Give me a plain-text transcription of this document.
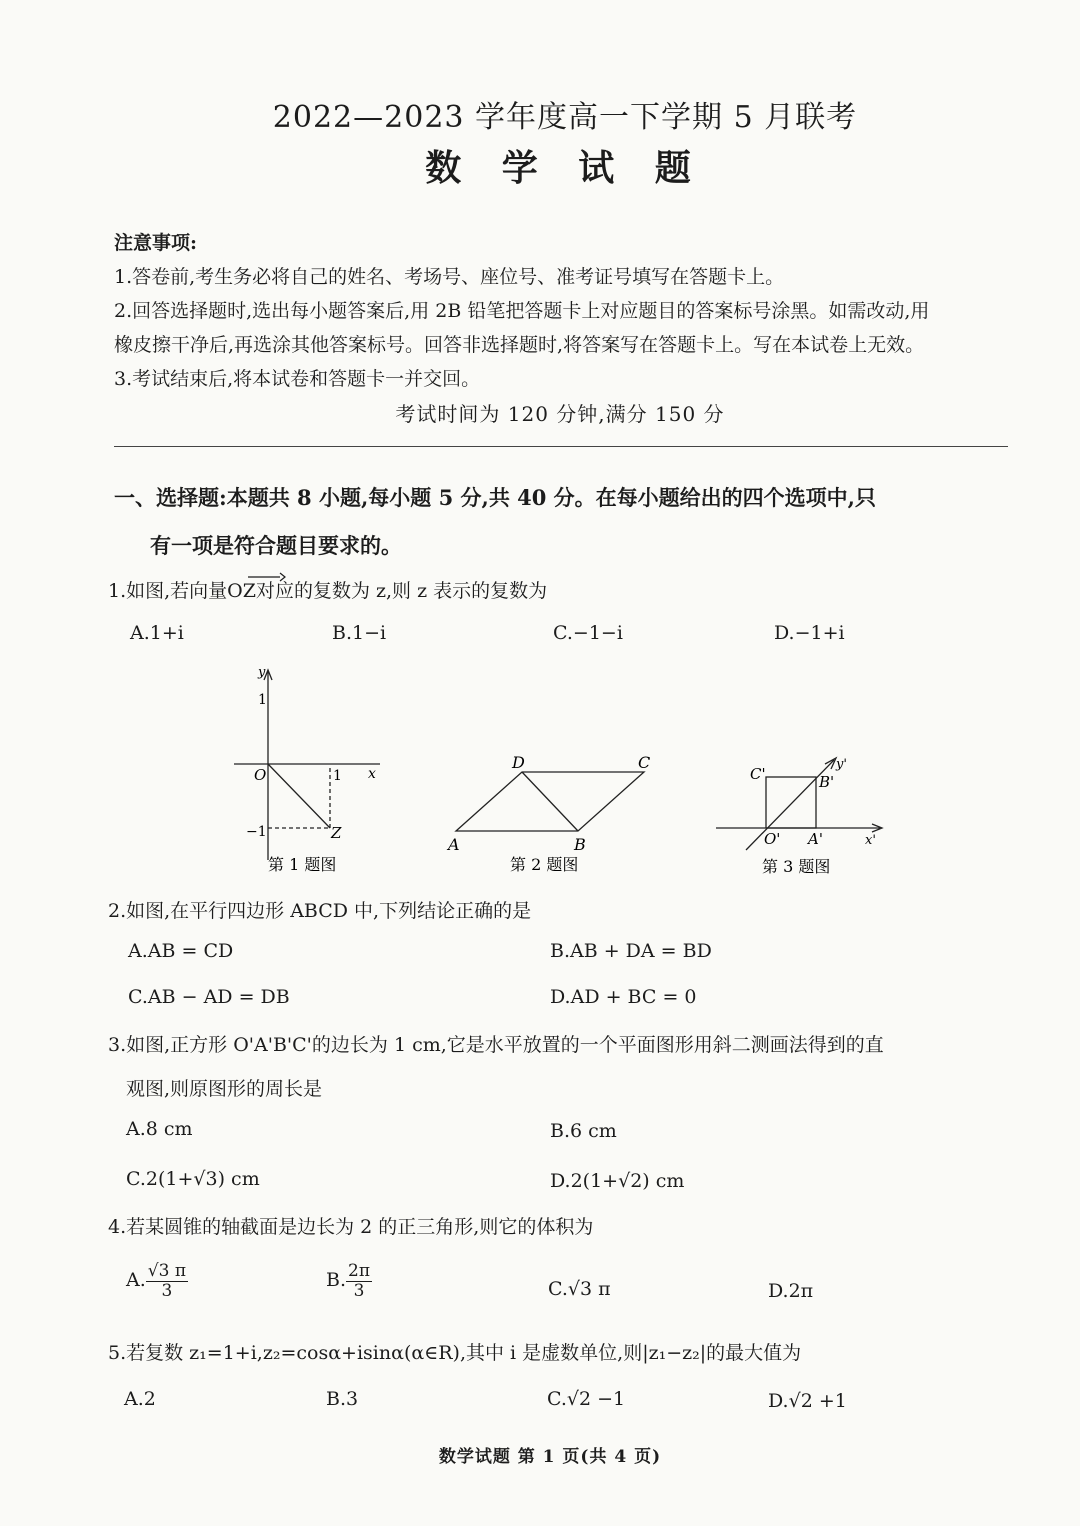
2022—2023 学年度高一下学期 5 月联考
数 学 试 题
注意事项:
1.答卷前,考生务必将自己的姓名、考场号、座位号、准考证号填写在答题卡上。
2.回答选择题时,选出每小题答案后,用 2B 铅笔把答题卡上对应题目的答案标号涂黑。如需改动,用
橡皮擦干净后,再选涂其他答案标号。回答非选择题时,将答案写在答题卡上。写在本试卷上无效。
3.考试结束后,将本试卷和答题卡一并交回。
考试时间为 120 分钟,满分 150 分
一、选择题:本题共 8 小题,每小题 5 分,共 40 分。在每小题给出的四个选项中,只
有一项是符合题目要求的。
1.如图,若向量OZ对应的复数为 z,则 z 表示的复数为
A.1+i	B.1−i	C.−1−i	D.−1+i
y
1
O	1 x
−1	Z
第 1 题图
D	C
A	B
第 2 题图
y'
C'	B'
O' A'	x'
第 3 题图
2.如图,在平行四边形 ABCD 中,下列结论正确的是
A.AB = CD	B.AB + DA = BD
C.AB − AD = DB	D.AD + BC = 0
3.如图,正方形 O'A'B'C'的边长为 1 cm,它是水平放置的一个平面图形用斜二测画法得到的直
观图,则原图形的周长是
A.8 cm	B.6 cm
C.2(1+√3) cm	D.2(1+√2) cm
4.若某圆锥的轴截面是边长为 2 的正三角形,则它的体积为
A. $\frac{√3 \pi}{3}$	B. $\frac{2\pi}{3}$	C.√3 π	D.2π
5.若复数 z₁=1+i,z₂=cosα+isinα(α∈R),其中 i 是虚数单位,则|z₁−z₂|的最大值为
A.2	B.3	C.√2 −1	D.√2 +1
数学试题 第 1 页(共 4 页)
